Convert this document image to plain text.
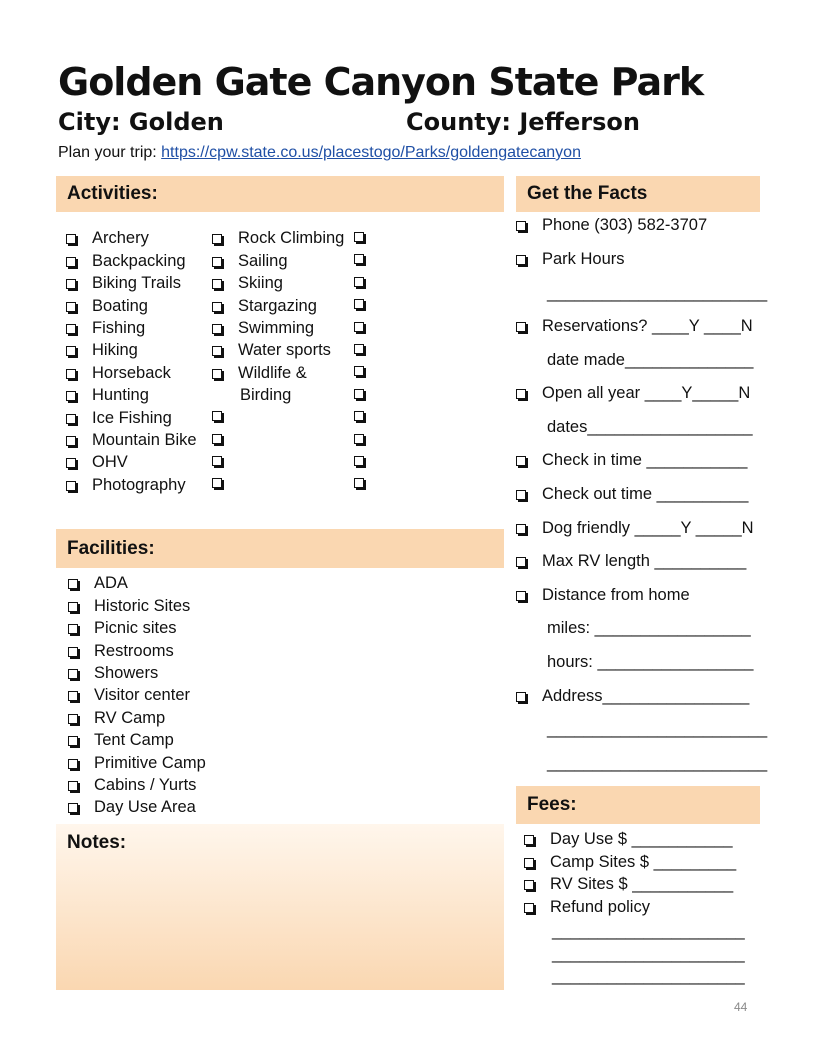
Golden Gate Canyon State Park
City: Golden	County: Jefferson
Plan your trip: https://cpw.state.co.us/placestogo/Parks/goldengatecanyon
Activities:
Archery
Backpacking
Biking Trails
Boating
Fishing
Hiking
Horseback
Hunting
Ice Fishing
Mountain Bike
OHV
Photography
Rock Climbing
Sailing
Skiing
Stargazing
Swimming
Water sports
Wildlife &
Birding
Facilities:
ADA
Historic Sites
Picnic sites
Restrooms
Showers
Visitor center
RV Camp
Tent Camp
Primitive Camp
Cabins / Yurts
Day Use Area
Notes:
Get the Facts
Phone (303) 582-3707
Park Hours
________________________
Reservations? ____Y ____N
date made______________
Open all year ____Y_____N
dates__________________
Check in time ___________
Check out time __________
Dog friendly _____Y _____N
Max RV length __________
Distance from home
miles: _________________
hours: _________________
Address________________
________________________
________________________
Fees:
Day Use $ ___________
Camp Sites $ _________
RV Sites $ ___________
Refund policy
_____________________
_____________________
_____________________
44
